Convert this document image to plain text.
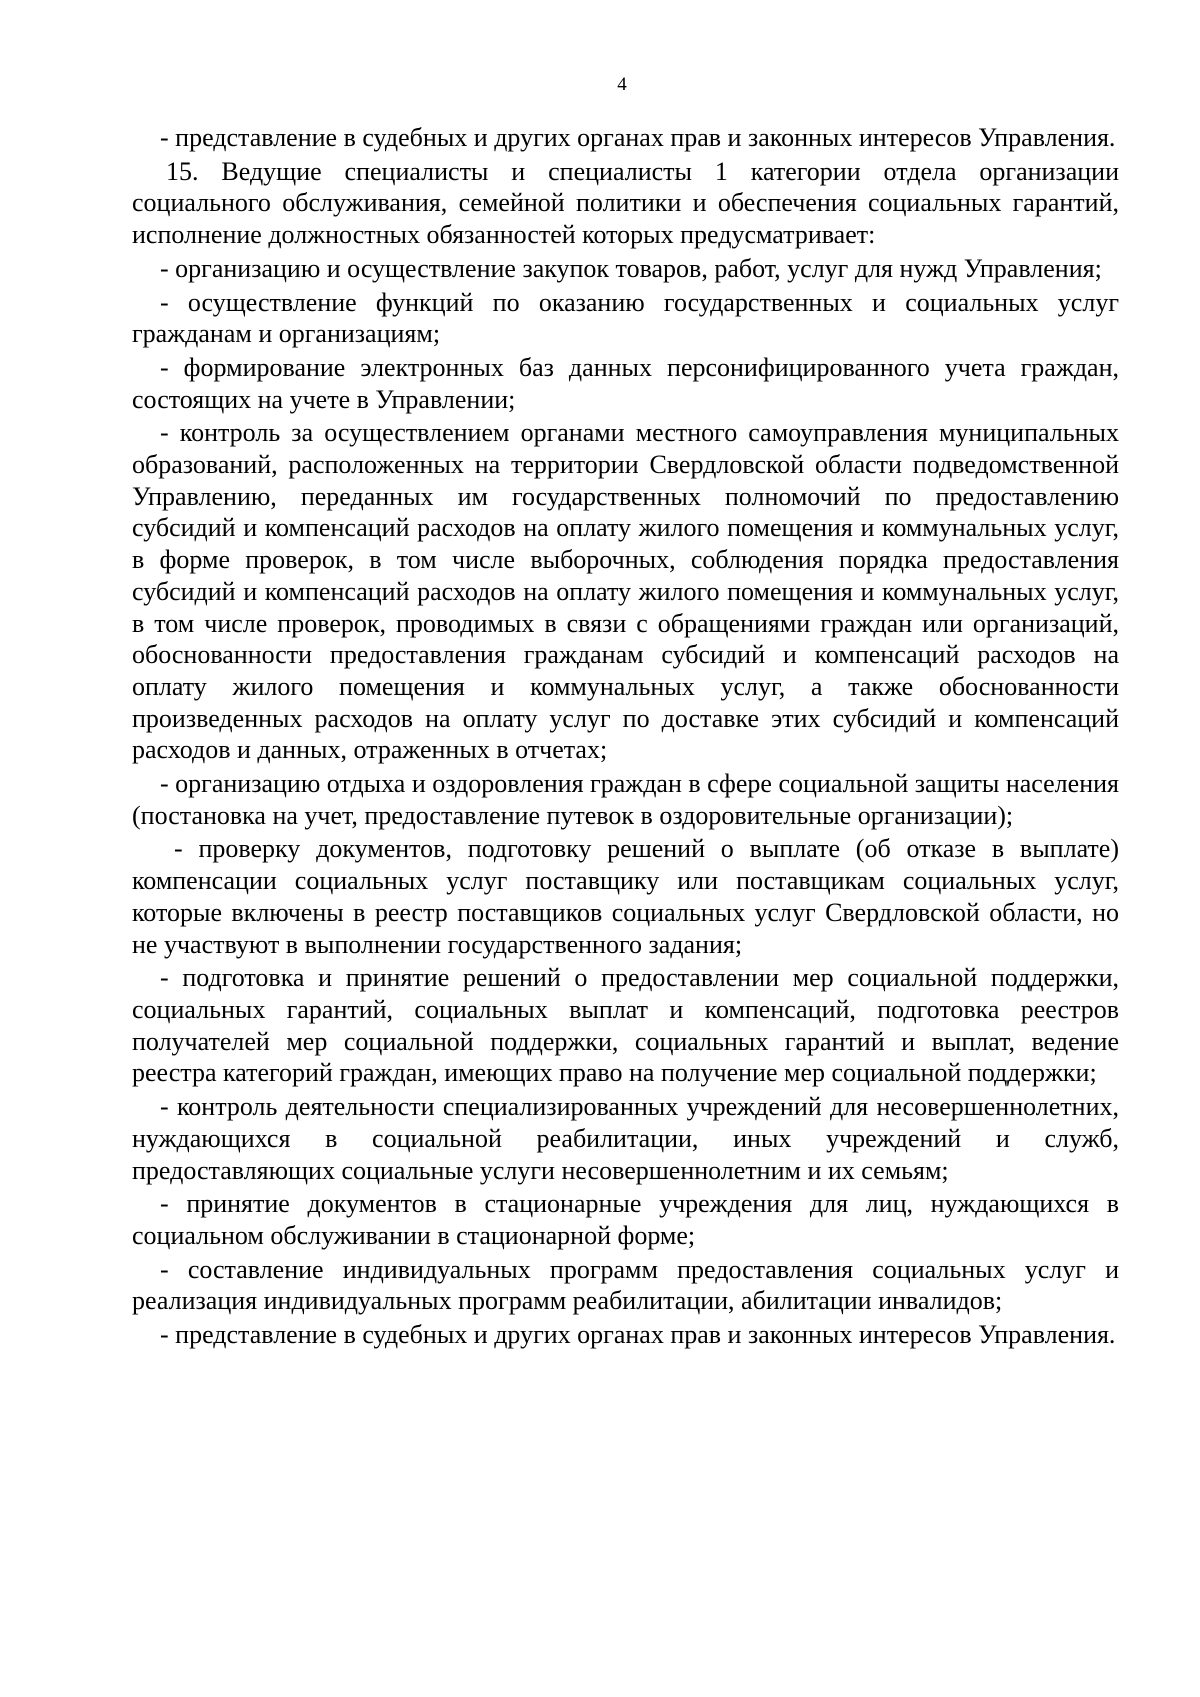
4

- представление в судебных и других органах прав и законных интересов Управления.

15. Ведущие специалисты и специалисты 1 категории отдела организации социального обслуживания, семейной политики и обеспечения социальных гарантий, исполнение должностных обязанностей которых предусматривает:

- организацию и осуществление закупок товаров, работ, услуг для нужд Управления;

- осуществление функций по оказанию государственных и социальных услуг гражданам и организациям;

- формирование электронных баз данных персонифицированного учета граждан, состоящих на учете в Управлении;

- контроль за осуществлением органами местного самоуправления муниципальных образований, расположенных на территории Свердловской области подведомственной Управлению, переданных им государственных полномочий по предоставлению субсидий и компенсаций расходов на оплату жилого помещения и коммунальных услуг, в форме проверок, в том числе выборочных, соблюдения порядка предоставления субсидий и компенсаций расходов на оплату жилого помещения и коммунальных услуг, в том числе проверок, проводимых в связи с обращениями граждан или организаций, обоснованности предоставления гражданам субсидий и компенсаций расходов на оплату жилого помещения и коммунальных услуг, а также обоснованности произведенных расходов на оплату услуг по доставке этих субсидий и компенсаций расходов и данных, отраженных в отчетах;

- организацию отдыха и оздоровления граждан в сфере социальной защиты населения (постановка на учет, предоставление путевок в оздоровительные организации);

- проверку документов, подготовку решений о выплате (об отказе в выплате) компенсации социальных услуг поставщику или поставщикам социальных услуг, которые включены в реестр поставщиков социальных услуг Свердловской области, но не участвуют в выполнении государственного задания;

- подготовка и принятие решений о предоставлении мер социальной поддержки, социальных гарантий, социальных выплат и компенсаций, подготовка реестров получателей мер социальной поддержки, социальных гарантий и выплат, ведение реестра категорий граждан, имеющих право на получение мер социальной поддержки;

- контроль деятельности специализированных учреждений для несовершеннолетних, нуждающихся в социальной реабилитации, иных учреждений и служб, предоставляющих социальные услуги несовершеннолетним и их семьям;

- принятие документов в стационарные учреждения для лиц, нуждающихся в социальном обслуживании в стационарной форме;

- составление индивидуальных программ предоставления социальных услуг и реализация индивидуальных программ реабилитации, абилитации инвалидов;

- представление в судебных и других органах прав и законных интересов Управления.
